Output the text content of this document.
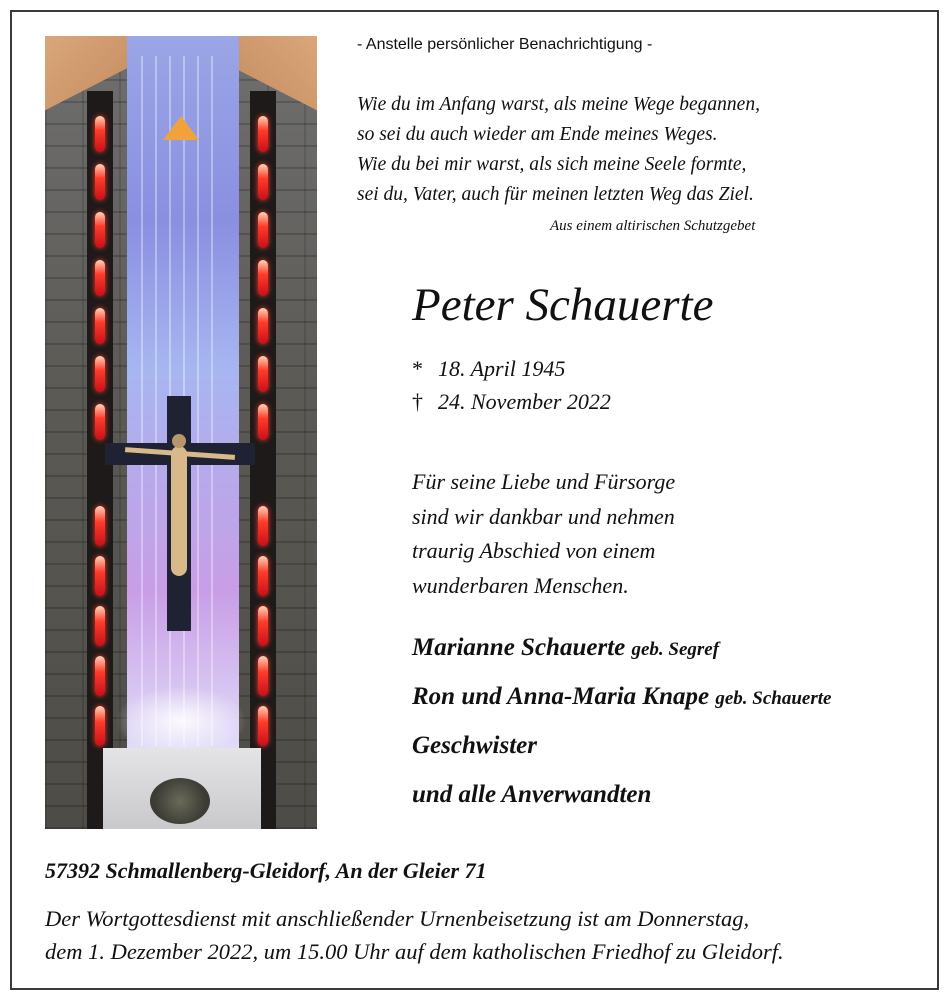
- Anstelle persönlicher Benachrichtigung -

Wie du im Anfang warst, als meine Wege begannen,
so sei du auch wieder am Ende meines Weges.
Wie du bei mir warst, als sich meine Seele formte,
sei du, Vater, auch für meinen letzten Weg das Ziel.

Aus einem altirischen Schutzgebet

Peter Schauerte
* 18. April 1945
† 24. November 2022
Für seine Liebe und Fürsorge
sind wir dankbar und nehmen
traurig Abschied von einem
wunderbaren Menschen.
Marianne Schauerte geb. Segref
Ron und Anna-Maria Knape geb. Schauerte
Geschwister
und alle Anverwandten

57392 Schmallenberg-Gleidorf, An der Gleier 71

Der Wortgottesdienst mit anschließender Urnenbeisetzung ist am Donnerstag,
dem 1. Dezember 2022, um 15.00 Uhr auf dem katholischen Friedhof zu Gleidorf.
